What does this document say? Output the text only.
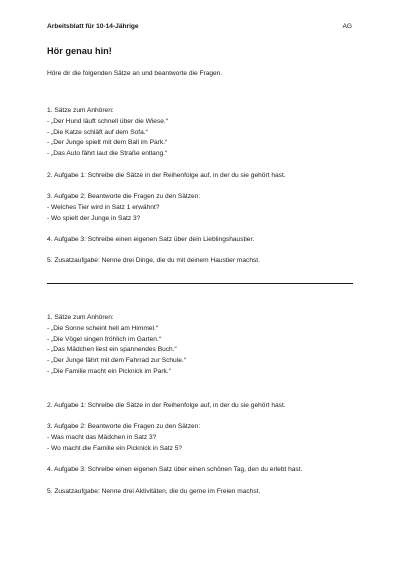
Arbeitsblatt für 10-14-Jährige	AG
Hör genau hin!
Höre dir die folgenden Sätze an und beantworte die Fragen.
1. Sätze zum Anhören:
- „Der Hund läuft schnell über die Wiese.“
- „Die Katze schläft auf dem Sofa.“
- „Der Junge spielt mit dem Ball im Park.“
- „Das Auto fährt laut die Straße entlang.“
2. Aufgabe 1: Schreibe die Sätze in der Reihenfolge auf, in der du sie gehört hast.
3. Aufgabe 2: Beantworte die Fragen zu den Sätzen:
- Welches Tier wird in Satz 1 erwähnt?
- Wo spielt der Junge in Satz 3?
4. Aufgabe 3: Schreibe einen eigenen Satz über dein Lieblingshaustier.
5. Zusatzaufgabe: Nenne drei Dinge, die du mit deinem Haustier machst.
1. Sätze zum Anhören:
- „Die Sonne scheint hell am Himmel.“
- „Die Vögel singen fröhlich im Garten.“
- „Das Mädchen liest ein spannendes Buch.“
- „Der Junge fährt mit dem Fahrrad zur Schule.“
- „Die Familie macht ein Picknick im Park.“
2. Aufgabe 1: Schreibe die Sätze in der Reihenfolge auf, in der du sie gehört hast.
3. Aufgabe 2: Beantworte die Fragen zu den Sätzen:
- Was macht das Mädchen in Satz 3?
- Wo macht die Familie ein Picknick in Satz 5?
4. Aufgabe 3: Schreibe einen eigenen Satz über einen schönen Tag, den du erlebt hast.
5. Zusatzaufgabe: Nenne drei Aktivitäten, die du gerne im Freien machst.
